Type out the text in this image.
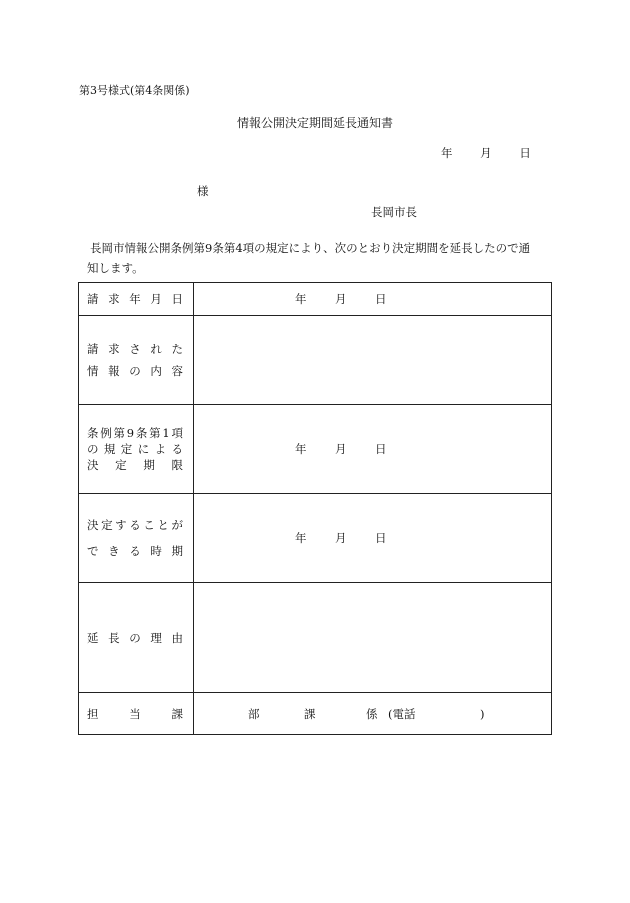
第3号様式(第4条関係)
情報公開決定期間延長通知書
年 月 日
様
長岡市長
長岡市情報公開条例第9条第4項の規定により、次のとおり決定期間を延長したので通
知します。
請求年月日	年 月 日

請求された
情報の内容	

条例第9条第1項
の規定による
決定期限	年 月 日

決定することが
できる時期	年 月 日

延長の理由	

担当課	部 課 係 (電話 )
